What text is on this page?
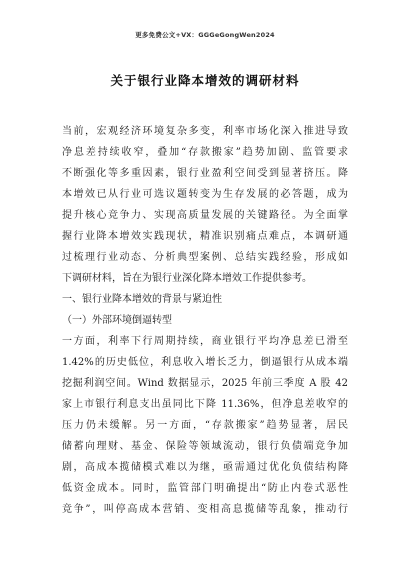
更多免费公文+VX：GGGeGongWen2024
关于银行业降本增效的调研材料
当前，宏观经济环境复杂多变，利率市场化深入推进导致
净息差持续收窄，叠加“存款搬家”趋势加剧、监管要求
不断强化等多重因素，银行业盈利空间受到显著挤压。降
本增效已从行业可选议题转变为生存发展的必答题，成为
提升核心竞争力、实现高质量发展的关键路径。为全面掌
握行业降本增效实践现状，精准识别痛点难点，本调研通
过梳理行业动态、分析典型案例、总结实践经验，形成如
下调研材料，旨在为银行业深化降本增效工作提供参考。
一、银行业降本增效的背景与紧迫性
（一）外部环境倒逼转型
一方面，利率下行周期持续，商业银行平均净息差已滑至
1.42%的历史低位，利息收入增长乏力，倒逼银行从成本端
挖掘利润空间。Wind 数据显示，2025 年前三季度 A 股 42
家上市银行利息支出虽同比下降 11.36%，但净息差收窄的
压力仍未缓解。另一方面，“存款搬家”趋势显著，居民
储蓄向理财、基金、保险等领域流动，银行负债端竞争加
剧，高成本揽储模式难以为继，亟需通过优化负债结构降
低资金成本。同时，监管部门明确提出“防止内卷式恶性
竞争”，叫停高成本营销、变相高息揽储等乱象，推动行
